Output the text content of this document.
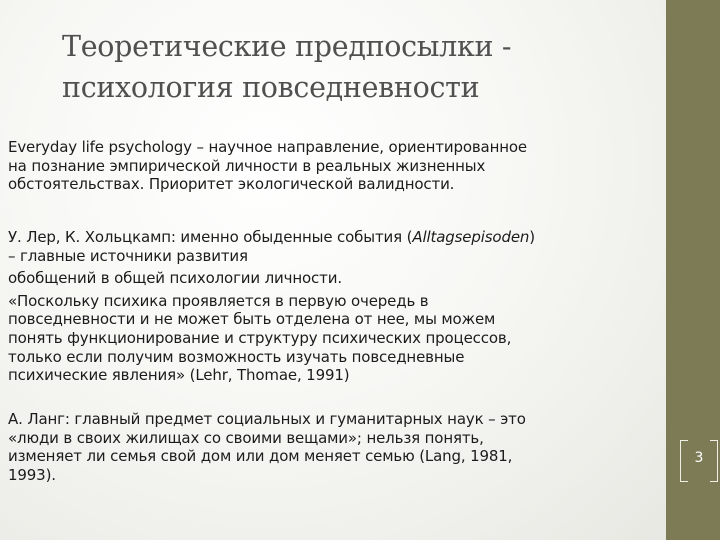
Теоретические предпосылки -
психология повседневности

Everyday life psychology – научное направление, ориентированное
на познание эмпирической личности в реальных жизненных
обстоятельствах. Приоритет экологической валидности.

У. Лер, К. Хольцкамп: именно обыденные события (Alltagsepisoden)
– главные источники развития
обобщений в общей психологии личности.
«Поскольку психика проявляется в первую очередь в
повседневности и не может быть отделена от нее, мы можем
понять функционирование и структуру психических процессов,
только если получим возможность изучать повседневные
психические явления» (Lehr, Thomae, 1991)

А. Ланг: главный предмет социальных и гуманитарных наук – это
«люди в своих жилищах со своими вещами»; нельзя понять,
изменяет ли семья свой дом или дом меняет семью (Lang, 1981,
1993).

3
